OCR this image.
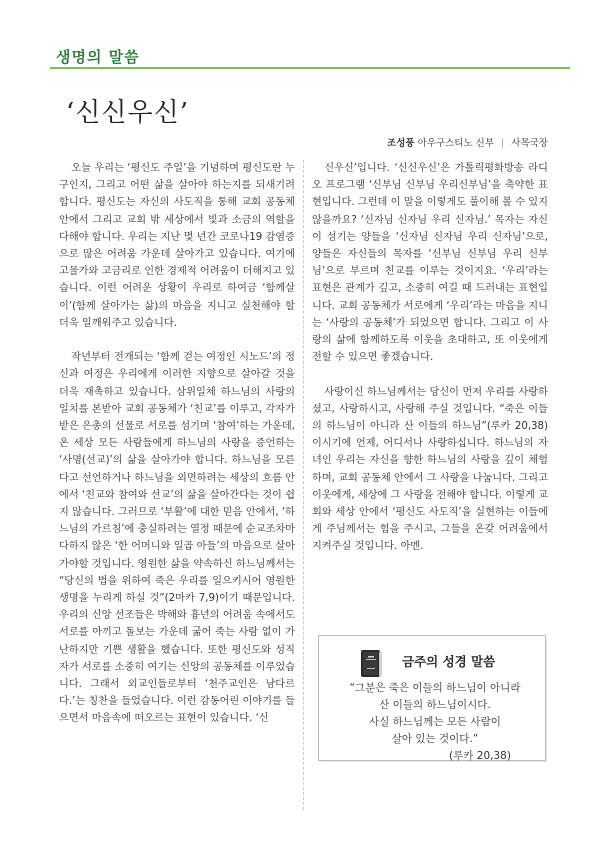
생명의 말씀
‘신신우신’
조성풍 아우구스티노 신부 | 사목국장

오늘 우리는 ‘평신도 주일’을 기념하며 평신도란 누구인지, 그리고 어떤 삶을 살아야 하는지를 되새기려 합니다. 평신도는 자신의 사도직을 통해 교회 공동체 안에서 그리고 교회 밖 세상에서 빛과 소금의 역할을 다해야 합니다. 우리는 지난 몇 년간 코로나19 감염증으로 많은 어려움 가운데 살아가고 있습니다. 여기에 고물가와 고금리로 인한 경제적 어려움이 더해지고 있습니다. 이런 어려운 상황이 우리로 하여금 ‘함께살이’(함께 살아가는 삶)의 마음을 지니고 실천해야 할 더욱 일깨워주고 있습니다.

작년부터 전개되는 ‘함께 걷는 여정인 시노드’의 정신과 여정은 우리에게 이러한 지향으로 살아갈 것을 더욱 재촉하고 있습니다. 삼위일체 하느님의 사랑의 일치를 본받아 교회 공동체가 ‘친교’를 이루고, 각자가 받은 은총의 선물로 서로를 섬기며 ‘참여’하는 가운데, 온 세상 모든 사람들에게 하느님의 사랑을 증언하는 ‘사명(선교)’의 삶을 살아가야 합니다. 하느님을 모른다고 선언하거나 하느님을 외면하려는 세상의 흐름 안에서 ‘친교와 참여와 선교’의 삶을 살아간다는 것이 쉽지 않습니다. 그러므로 ‘부활’에 대한 믿음 안에서, ‘하느님의 가르침’에 충실하려는 열정 때문에 순교조차마다하지 않은 ‘한 어머니와 일곱 아들’의 마음으로 살아가야할 것입니다. 영원한 삶을 약속하신 하느님께서는 “당신의 법을 위하여 죽은 우리를 일으키시어 영원한 생명을 누리게 하실 것”(2마카 7,9)이기 때문입니다. 우리의 신앙 선조들은 박해와 흉년의 어려움 속에서도 서로를 아끼고 돌보는 가운데 굶어 죽는 사람 없이 가난하지만 기쁜 생활을 했습니다. 또한 평신도와 성직자가 서로를 소중히 여기는 신앙의 공동체를 이루었습니다. 그래서 외교인들로부터 ‘천주교인은 남다르다.’는 칭찬을 들었습니다. 이런 감동어린 이야기를 들으면서 마음속에 떠오르는 표현이 있습니다. ‘신

신우신’입니다. ‘신신우신’은 가톨릭평화방송 라디오 프로그램 ‘신부님 신부님 우리신부님’을 축약한 표현입니다. 그런데 이 말을 이렇게도 풀이해 볼 수 있지 않을까요? ‘신자님 신자님 우리 신자님.’ 목자는 자신이 섬기는 양들을 ‘신자님 신자님 우리 신자님’으로, 양들은 자신들의 목자를 ‘신부님 신부님 우리 신부님’으로 부르며 친교를 이루는 것이지요. ‘우리’라는 표현은 관계가 깊고, 소중히 여길 때 드러내는 표현입니다. 교회 공동체가 서로에게 ‘우리’라는 마음을 지니는 ‘사랑의 공동체’가 되었으면 합니다. 그리고 이 사랑의 삶에 함께하도록 이웃을 초대하고, 또 이웃에게 전할 수 있으면 좋겠습니다.

사랑이신 하느님께서는 당신이 먼저 우리를 사랑하셨고, 사랑하시고, 사랑해 주실 것입니다. “죽은 이들의 하느님이 아니라 산 이들의 하느님”(루카 20,38)이시기에 언제, 어디서나 사랑하십니다. 하느님의 자녀인 우리는 자신을 향한 하느님의 사랑을 깊이 체험하며, 교회 공동체 안에서 그 사랑을 나눕니다. 그리고 이웃에게, 세상에 그 사랑을 전해야 합니다. 이렇게 교회와 세상 안에서 ‘평신도 사도직’을 실현하는 이들에게 주님께서는 힘을 주시고, 그들을 온갖 어려움에서 지켜주실 것입니다. 아멘.

금주의 성경 말씀
“그분은 죽은 이들의 하느님이 아니라
산 이들의 하느님이시다.
사실 하느님께는 모든 사람이
살아 있는 것이다.”
(루카 20,38)
